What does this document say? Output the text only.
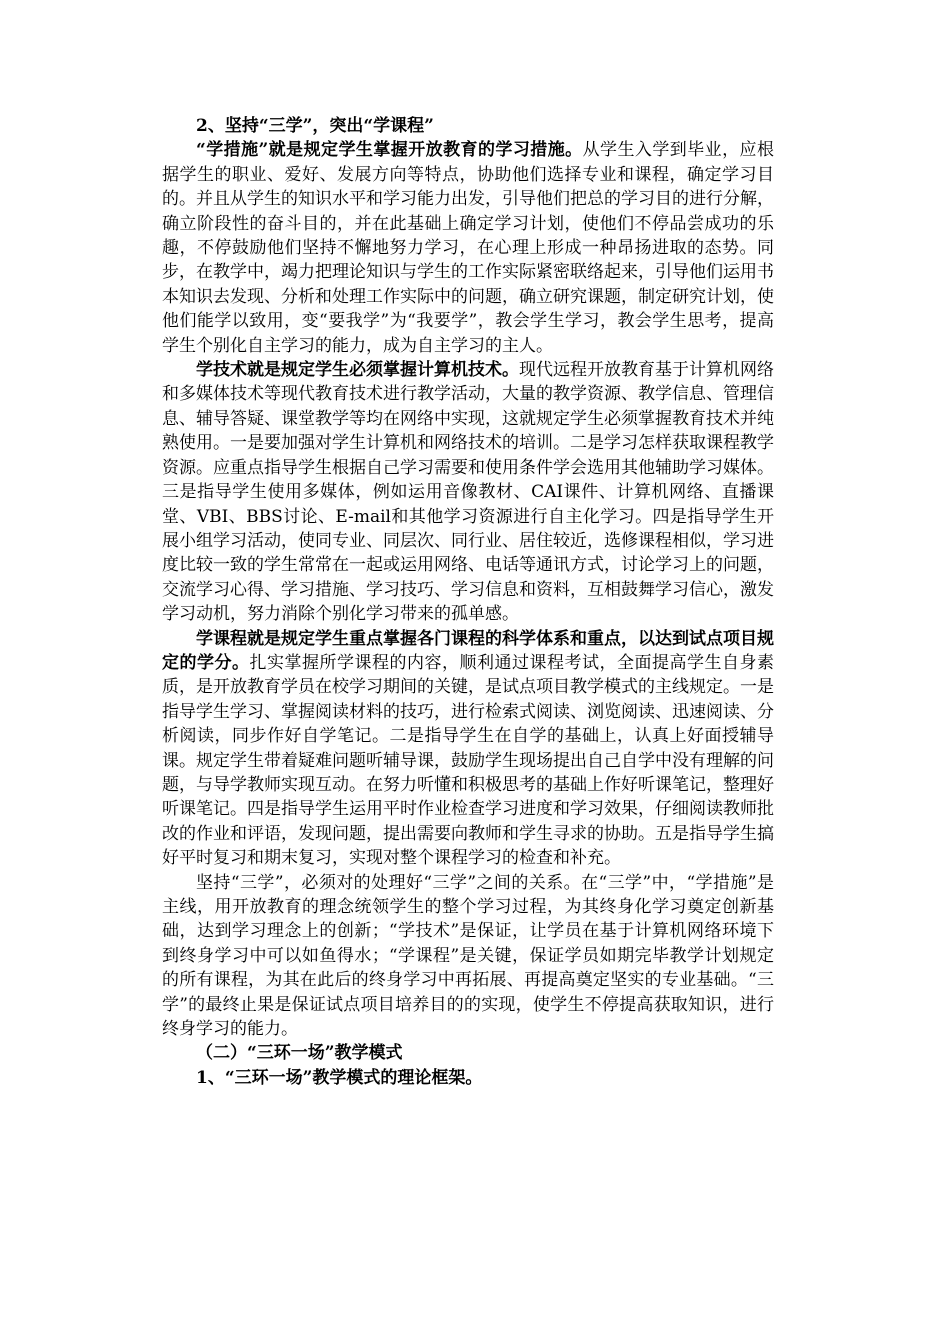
2、坚持“三学”，突出“学课程”

“学措施”就是规定学生掌握开放教育的学习措施。从学生入学到毕业，应根据学生的职业、爱好、发展方向等特点，协助他们选择专业和课程，确定学习目的。并且从学生的知识水平和学习能力出发，引导他们把总的学习目的进行分解，确立阶段性的奋斗目的，并在此基础上确定学习计划，使他们不停品尝成功的乐趣，不停鼓励他们坚持不懈地努力学习，在心理上形成一种昂扬进取的态势。同步，在教学中，竭力把理论知识与学生的工作实际紧密联络起来，引导他们运用书本知识去发现、分析和处理工作实际中的问题，确立研究课题，制定研究计划，使他们能学以致用，变“要我学”为“我要学”，教会学生学习，教会学生思考，提高学生个别化自主学习的能力，成为自主学习的主人。

学技术就是规定学生必须掌握计算机技术。现代远程开放教育基于计算机网络和多媒体技术等现代教育技术进行教学活动，大量的教学资源、教学信息、管理信息、辅导答疑、课堂教学等均在网络中实现，这就规定学生必须掌握教育技术并纯熟使用。一是要加强对学生计算机和网络技术的培训。二是学习怎样获取课程教学资源。应重点指导学生根据自己学习需要和使用条件学会选用其他辅助学习媒体。三是指导学生使用多媒体，例如运用音像教材、CAI课件、计算机网络、直播课堂、VBI、BBS讨论、E-mail和其他学习资源进行自主化学习。四是指导学生开展小组学习活动，使同专业、同层次、同行业、居住较近，选修课程相似，学习进度比较一致的学生常常在一起或运用网络、电话等通讯方式，讨论学习上的问题，交流学习心得、学习措施、学习技巧、学习信息和资料，互相鼓舞学习信心，激发学习动机，努力消除个别化学习带来的孤单感。

学课程就是规定学生重点掌握各门课程的科学体系和重点，以达到试点项目规定的学分。扎实掌握所学课程的内容，顺利通过课程考试，全面提高学生自身素质，是开放教育学员在校学习期间的关键，是试点项目教学模式的主线规定。一是指导学生学习、掌握阅读材料的技巧，进行检索式阅读、浏览阅读、迅速阅读、分析阅读，同步作好自学笔记。二是指导学生在自学的基础上，认真上好面授辅导课。规定学生带着疑难问题听辅导课，鼓励学生现场提出自己自学中没有理解的问题，与导学教师实现互动。在努力听懂和积极思考的基础上作好听课笔记，整理好听课笔记。四是指导学生运用平时作业检查学习进度和学习效果，仔细阅读教师批改的作业和评语，发现问题，提出需要向教师和学生寻求的协助。五是指导学生搞好平时复习和期末复习，实现对整个课程学习的检查和补充。

坚持“三学”，必须对的处理好“三学”之间的关系。在“三学”中，“学措施”是主线，用开放教育的理念统领学生的整个学习过程，为其终身化学习奠定创新基础，达到学习理念上的创新；“学技术”是保证，让学员在基于计算机网络环境下到终身学习中可以如鱼得水；“学课程”是关键，保证学员如期完毕教学计划规定的所有课程，为其在此后的终身学习中再拓展、再提高奠定坚实的专业基础。“三学”的最终止果是保证试点项目培养目的的实现，使学生不停提高获取知识，进行终身学习的能力。

（二）“三环一场”教学模式

1、“三环一场”教学模式的理论框架。
